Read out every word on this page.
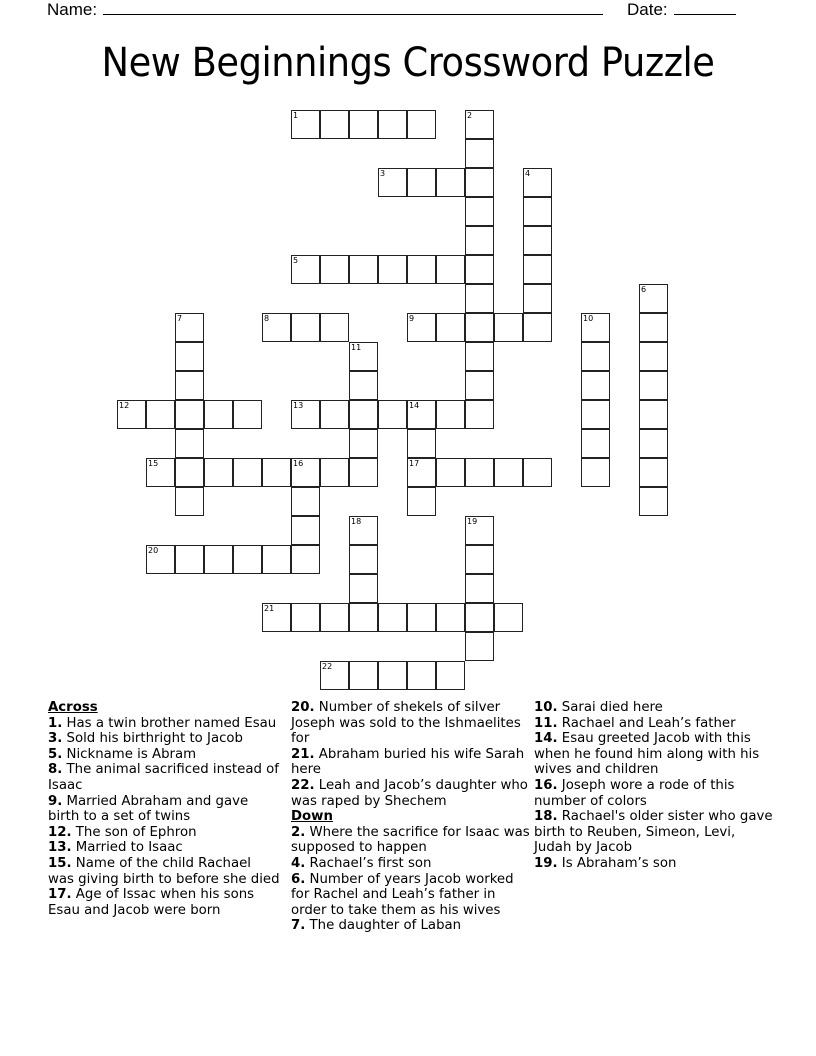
Name:	Date:
New Beginnings Crossword Puzzle
1	2
3	4
5
6
7	8	9	10
11
12	13	14
17
15	16
18	19
20
21
22
Across
1. Has a twin brother named Esau
3. Sold his birthright to Jacob
5. Nickname is Abram
8. The animal sacrificed instead of Isaac
9. Married Abraham and gave birth to a set of twins
12. The son of Ephron
13. Married to Isaac
15. Name of the child Rachael was giving birth to before she died
17. Age of Issac when his sons Esau and Jacob were born
20. Number of shekels of silver Joseph was sold to the Ishmaelites for
21. Abraham buried his wife Sarah here
22. Leah and Jacob’s daughter who was raped by Shechem
Down
2. Where the sacrifice for Isaac was supposed to happen
4. Rachael’s first son
6. Number of years Jacob worked for Rachel and Leah’s father in order to take them as his wives
7. The daughter of Laban
10. Sarai died here
11. Rachael and Leah’s father
14. Esau greeted Jacob with this when he found him along with his wives and children
16. Joseph wore a rode of this number of colors
18. Rachael's older sister who gave birth to Reuben, Simeon, Levi, Judah by Jacob
19. Is Abraham’s son
